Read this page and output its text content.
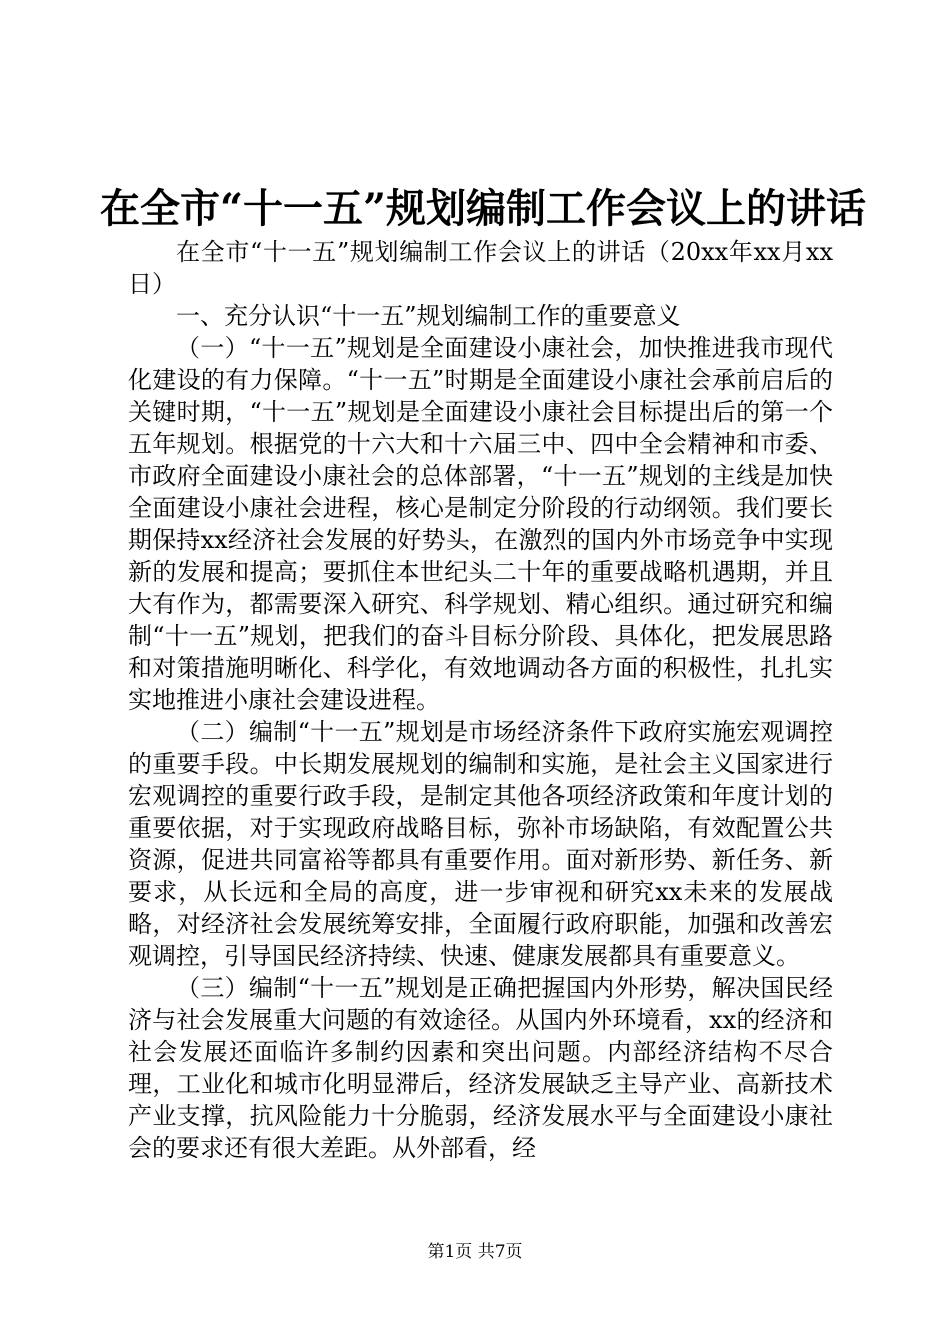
在全市“十一五”规划编制工作会议上的讲话

在全市“十一五”规划编制工作会议上的讲话（20xx年xx月xx日）

一、充分认识“十一五”规划编制工作的重要意义

（一）“十一五”规划是全面建设小康社会，加快推进我市现代化建设的有力保障。“十一五”时期是全面建设小康社会承前启后的关键时期，“十一五”规划是全面建设小康社会目标提出后的第一个五年规划。根据党的十六大和十六届三中、四中全会精神和市委、市政府全面建设小康社会的总体部署，“十一五”规划的主线是加快全面建设小康社会进程，核心是制定分阶段的行动纲领。我们要长期保持xx经济社会发展的好势头，在激烈的国内外市场竞争中实现新的发展和提高；要抓住本世纪头二十年的重要战略机遇期，并且大有作为，都需要深入研究、科学规划、精心组织。通过研究和编制“十一五”规划，把我们的奋斗目标分阶段、具体化，把发展思路和对策措施明晰化、科学化，有效地调动各方面的积极性，扎扎实实地推进小康社会建设进程。

（二）编制“十一五”规划是市场经济条件下政府实施宏观调控的重要手段。中长期发展规划的编制和实施，是社会主义国家进行宏观调控的重要行政手段，是制定其他各项经济政策和年度计划的重要依据，对于实现政府战略目标，弥补市场缺陷，有效配置公共资源，促进共同富裕等都具有重要作用。面对新形势、新任务、新要求，从长远和全局的高度，进一步审视和研究xx未来的发展战略，对经济社会发展统筹安排，全面履行政府职能，加强和改善宏观调控，引导国民经济持续、快速、健康发展都具有重要意义。

（三）编制“十一五”规划是正确把握国内外形势，解决国民经济与社会发展重大问题的有效途径。从国内外环境看，xx的经济和社会发展还面临许多制约因素和突出问题。内部经济结构不尽合理，工业化和城市化明显滞后，经济发展缺乏主导产业、高新技术产业支撑，抗风险能力十分脆弱，经济发展水平与全面建设小康社会的要求还有很大差距。从外部看，经

第1页 共7页
